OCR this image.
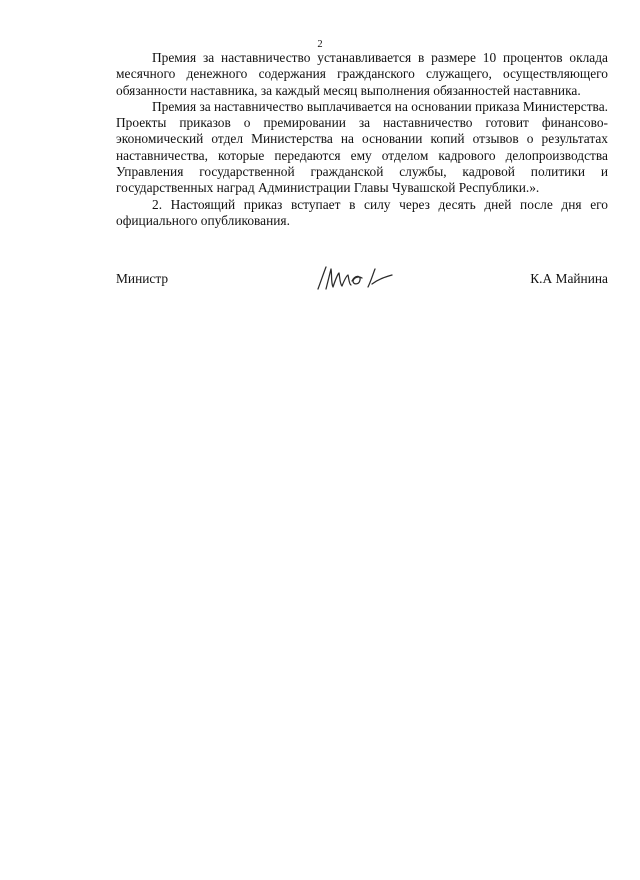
2

Премия за наставничество устанавливается в размере 10 процентов оклада месячного денежного содержания гражданского служащего, осуществляющего обязанности наставника, за каждый месяц выполнения обязанностей наставника.

Премия за наставничество выплачивается на основании приказа Министерства. Проекты приказов о премировании за наставничество готовит финансово-экономический отдел Министерства на основании копий отзывов о результатах наставничества, которые передаются ему отделом кадрового делопроизводства Управления государственной гражданской службы, кадровой политики и государственных наград Администрации Главы Чувашской Республики.».

2. Настоящий приказ вступает в силу через десять дней после дня его официального опубликования.

Министр	К.А Майнина
